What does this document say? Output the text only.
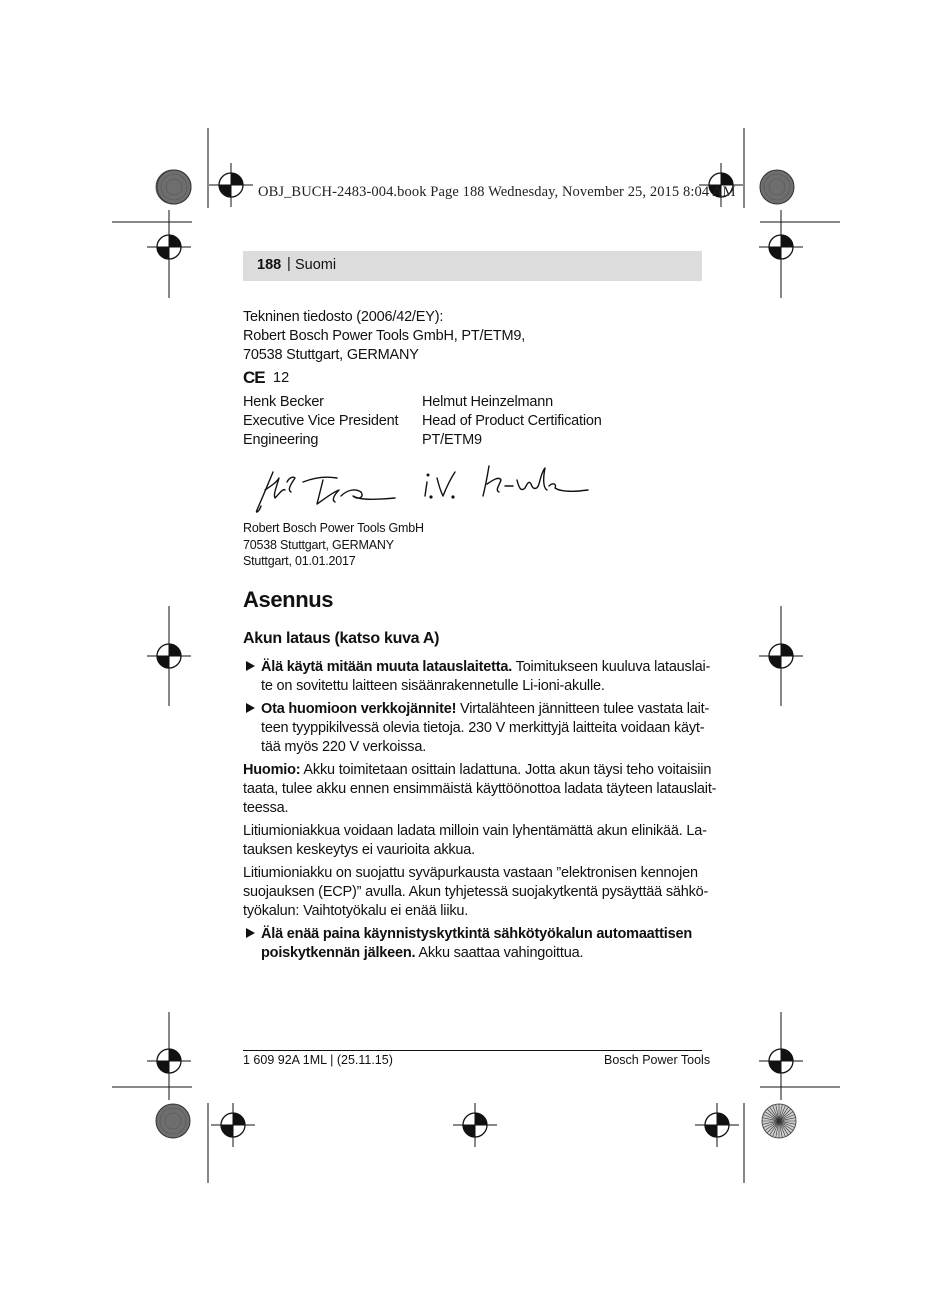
OBJ_BUCH-2483-004.book Page 188 Wednesday, November 25, 2015 8:04 AM
188 | Suomi
Tekninen tiedosto (2006/42/EY):
Robert Bosch Power Tools GmbH, PT/ETM9,
70538 Stuttgart, GERMANY
CE 12
Henk Becker
Executive Vice President
Engineering
Helmut Heinzelmann
Head of Product Certification
PT/ETM9
Robert Bosch Power Tools GmbH
70538 Stuttgart, GERMANY
Stuttgart, 01.01.2017
Asennus
Akun lataus (katso kuva A)
Älä käytä mitään muuta latauslaitetta. Toimitukseen kuuluva latauslai-
te on sovitettu laitteen sisäänrakennetulle Li-ioni-akulle.
Ota huomioon verkkojännite! Virtalähteen jännitteen tulee vastata lait-
teen tyyppikilvessä olevia tietoja. 230 V merkittyjä laitteita voidaan käyt-
tää myös 220 V verkoissa.
Huomio: Akku toimitetaan osittain ladattuna. Jotta akun täysi teho voitaisiin
taata, tulee akku ennen ensimmäistä käyttöönottoa ladata täyteen latauslait-
teessa.
Litiumioniakkua voidaan ladata milloin vain lyhentämättä akun elinikää. La-
tauksen keskeytys ei vaurioita akkua.
Litiumioniakku on suojattu syväpurkausta vastaan ”elektronisen kennojen
suojauksen (ECP)” avulla. Akun tyhjetessä suojakytkentä pysäyttää sähkö-
työkalun: Vaihtotyökalu ei enää liiku.
Älä enää paina käynnistyskytkintä sähkötyökalun automaattisen
poiskytkennän jälkeen. Akku saattaa vahingoittua.
1 609 92A 1ML | (25.11.15)	Bosch Power Tools
